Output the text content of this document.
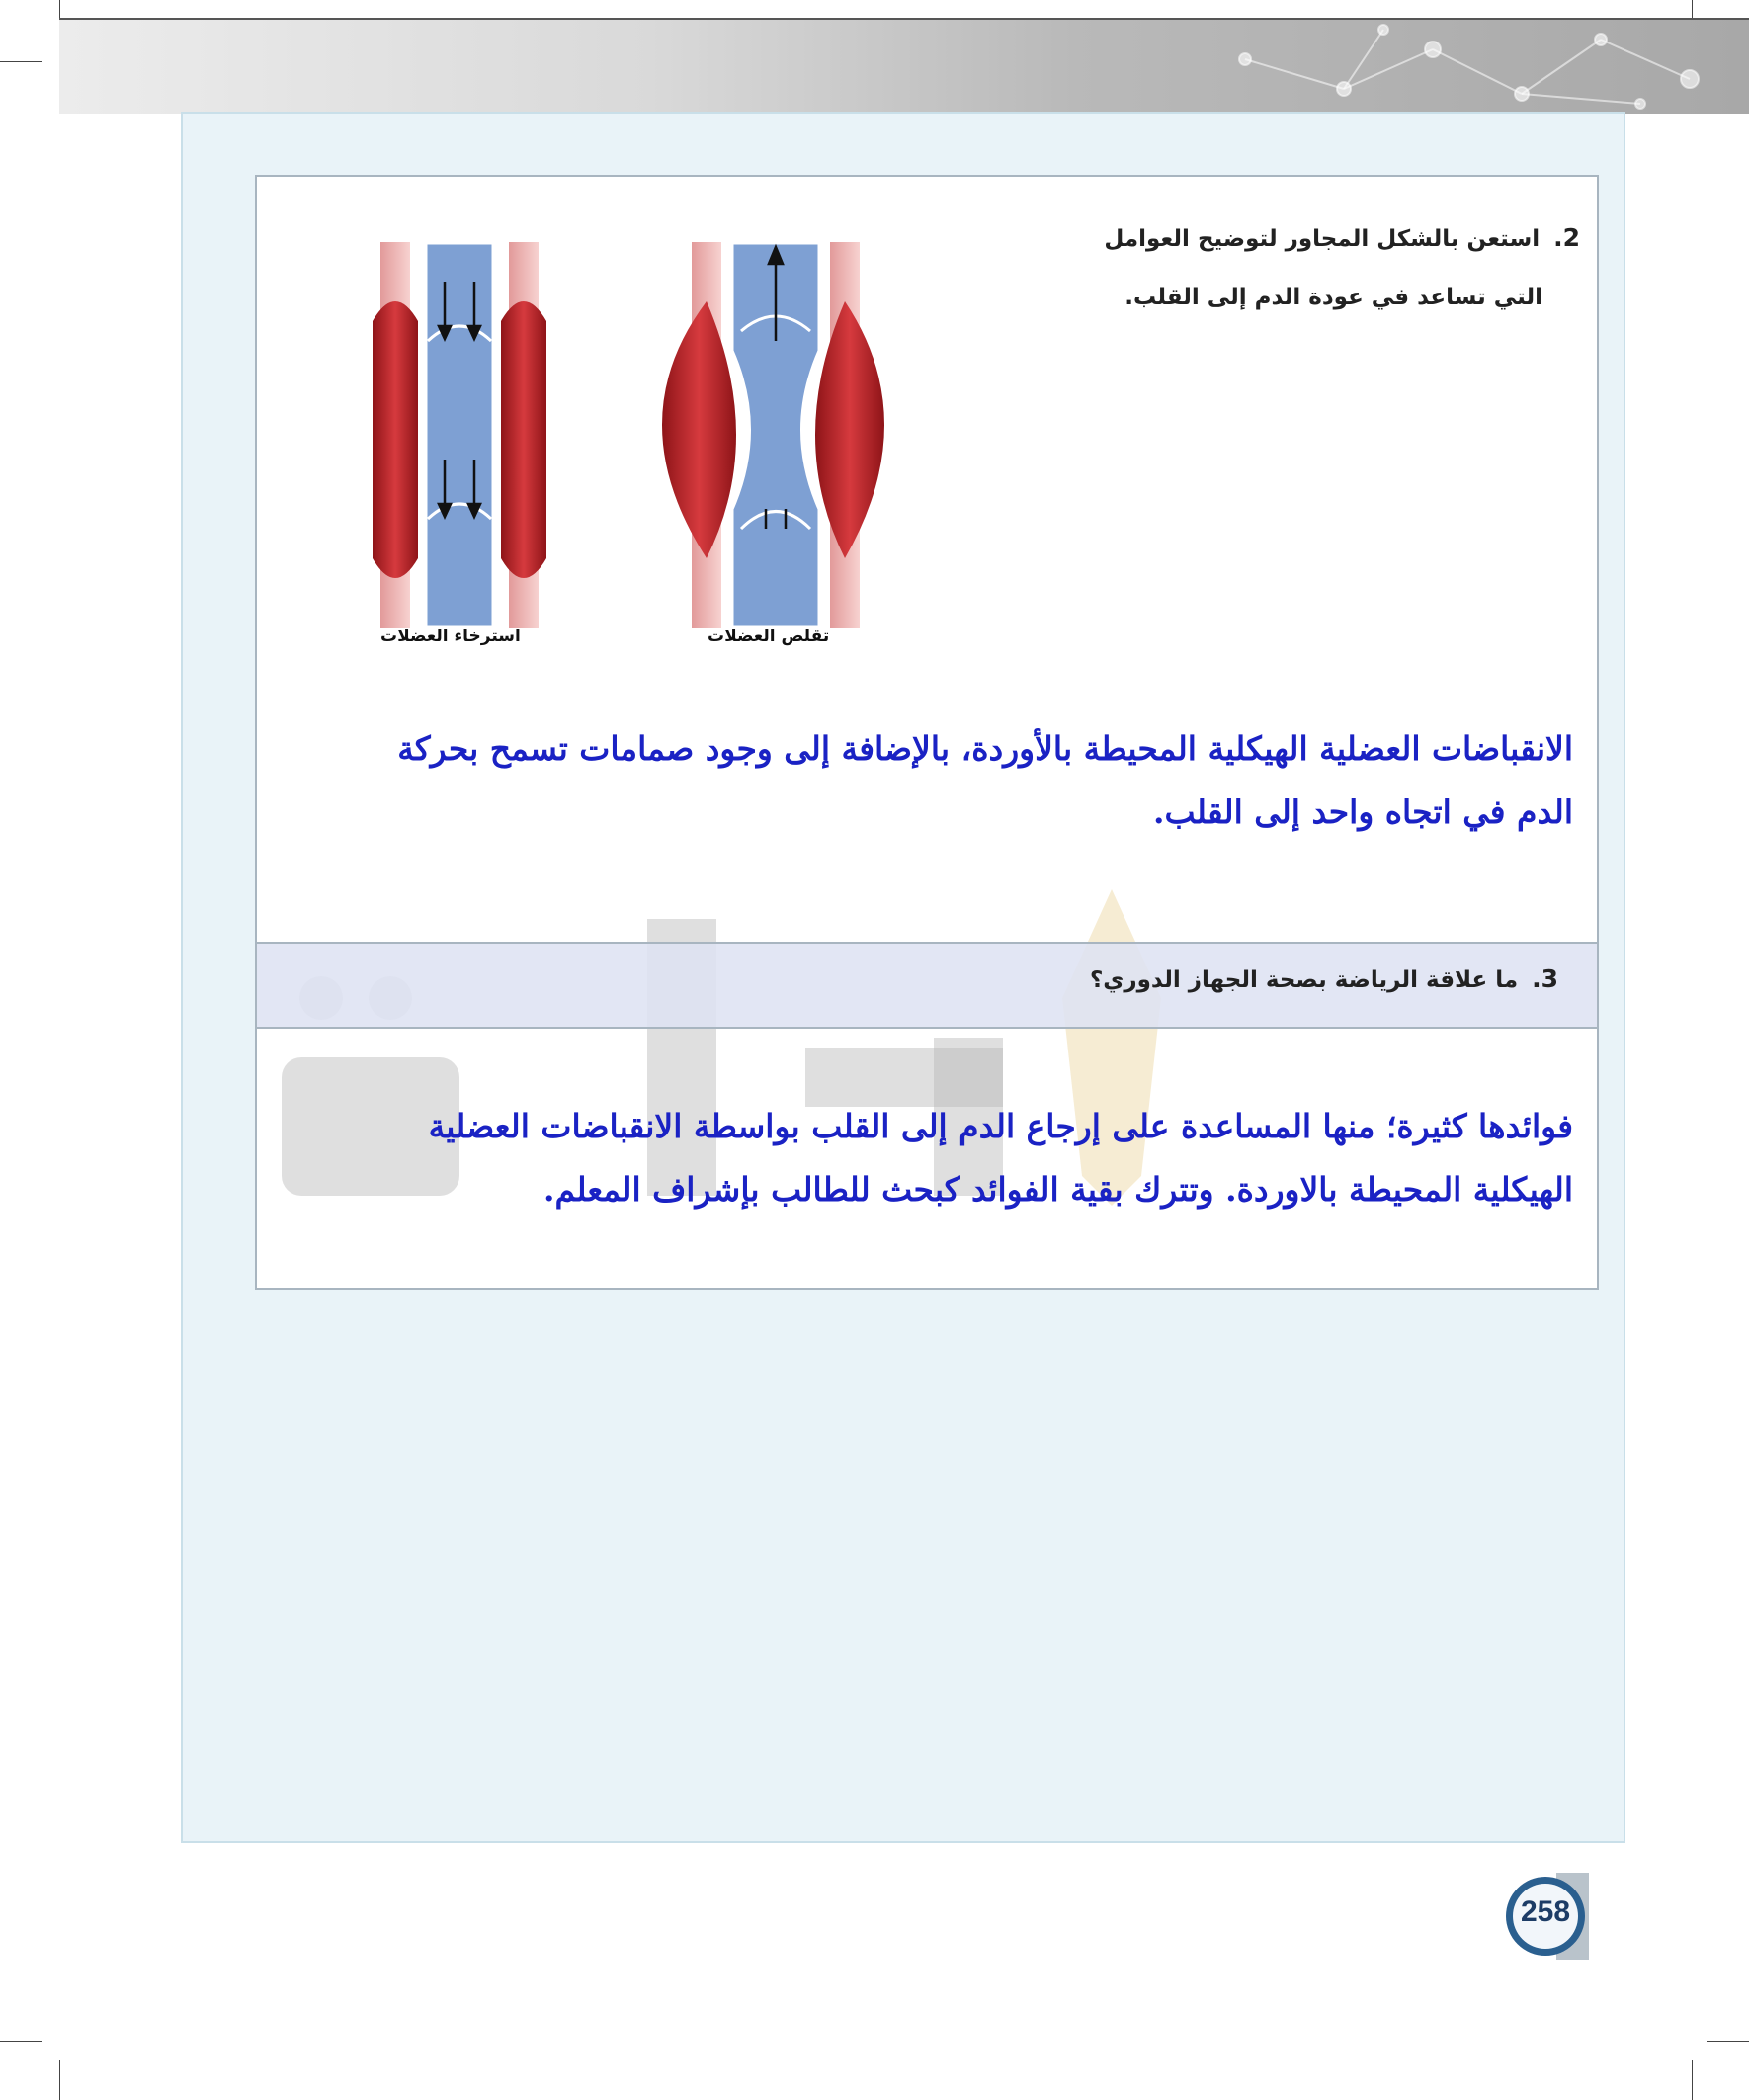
2. استعن بالشكل المجاور لتوضيح العوامل
التي تساعد في عودة الدم إلى القلب.
استرخاء العضلات	تقلص العضلات
الانقباضات العضلية الهيكلية المحيطة بالأوردة، بالإضافة إلى وجود صمامات تسمح بحركة الدم في اتجاه واحد إلى القلب.
3. ما علاقة الرياضة بصحة الجهاز الدوري؟
فوائدها كثيرة؛ منها المساعدة على إرجاع الدم إلى القلب بواسطة الانقباضات العضلية الهيكلية المحيطة بالاوردة. وتترك بقية الفوائد كبحث للطالب بإشراف المعلم.
258
